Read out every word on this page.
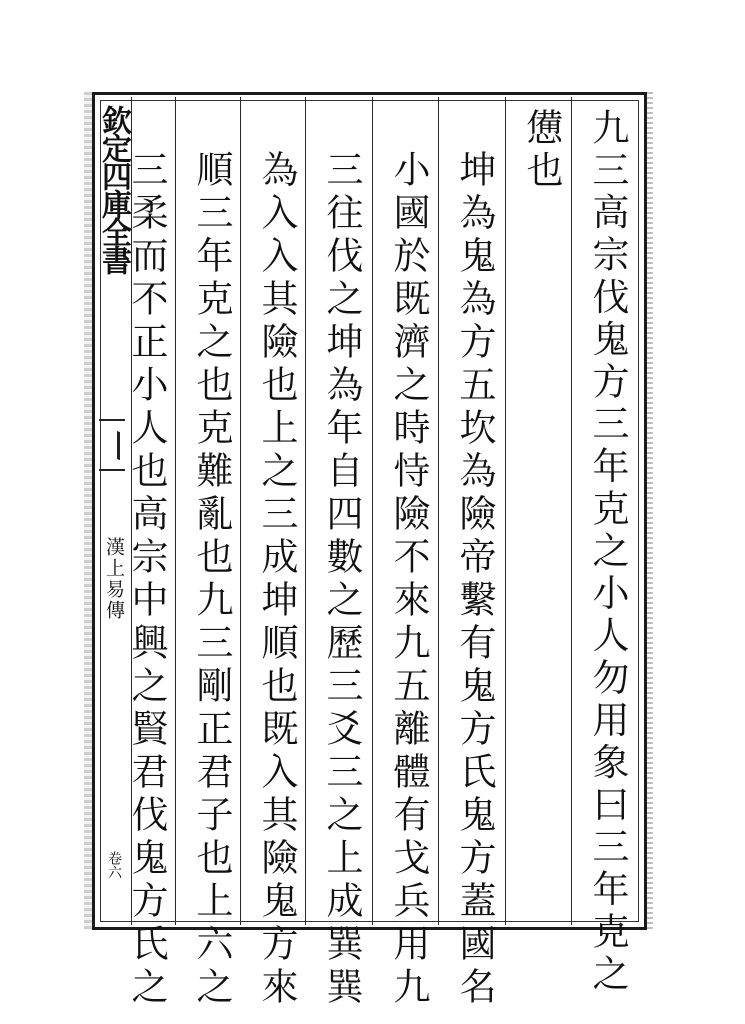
欽定四庫全書
漢上易傳
卷六	九三高宗伐鬼方三年克之小人勿用象曰三年克之
憊也
坤為鬼為方五坎為險帝繫有鬼方氏鬼方蓋國名
小國於既濟之時恃險不來九五離體有戈兵用九
三往伐之坤為年自四數之歷三爻三之上成巽巽
為入入其險也上之三成坤順也既入其險鬼方來
順三年克之也克難亂也九三剛正君子也上六之
三柔而不正小人也高宗中興之賢君伐鬼方氏之
